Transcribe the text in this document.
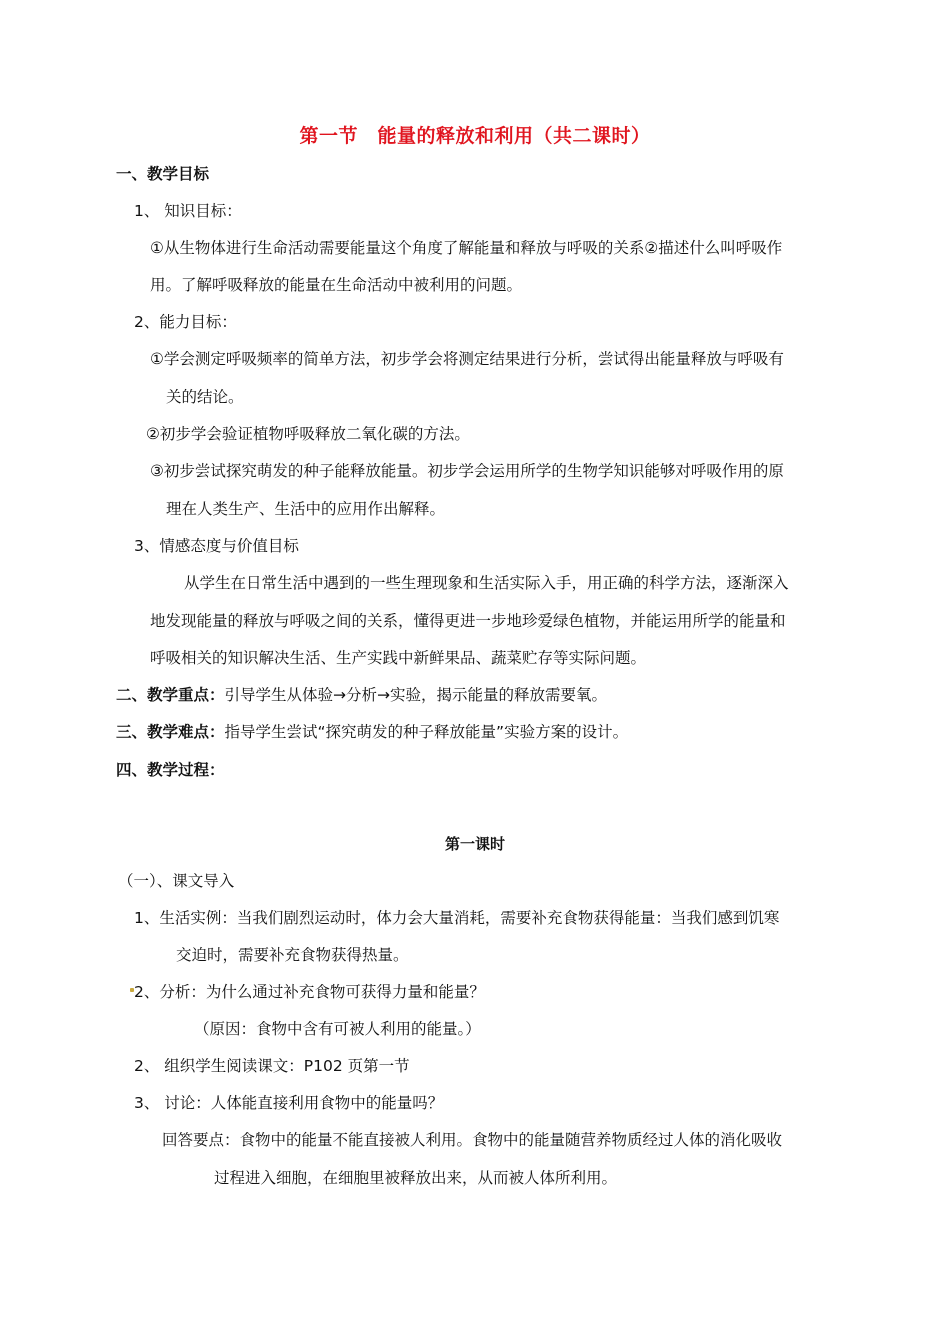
第一节　能量的释放和利用（共二课时）
一、教学目标
1、 知识目标：
①从生物体进行生命活动需要能量这个角度了解能量和释放与呼吸的关系②描述什么叫呼吸作
用。了解呼吸释放的能量在生命活动中被利用的问题。
2、能力目标：
①学会测定呼吸频率的简单方法，初步学会将测定结果进行分析，尝试得出能量释放与呼吸有
关的结论。
②初步学会验证植物呼吸释放二氧化碳的方法。
③初步尝试探究萌发的种子能释放能量。初步学会运用所学的生物学知识能够对呼吸作用的原
理在人类生产、生活中的应用作出解释。
3、情感态度与价值目标
从学生在日常生活中遇到的一些生理现象和生活实际入手，用正确的科学方法，逐渐深入
地发现能量的释放与呼吸之间的关系，懂得更进一步地珍爱绿色植物，并能运用所学的能量和
呼吸相关的知识解决生活、生产实践中新鲜果品、蔬菜贮存等实际问题。
二、教学重点：引导学生从体验→分析→实验，揭示能量的释放需要氧。
三、教学难点：指导学生尝试“探究萌发的种子释放能量”实验方案的设计。
四、教学过程：
第一课时
（一）、课文导入
1、生活实例：当我们剧烈运动时，体力会大量消耗，需要补充食物获得能量：当我们感到饥寒
交迫时，需要补充食物获得热量。
2、分析：为什么通过补充食物可获得力量和能量？
（原因：食物中含有可被人利用的能量。）
2、 组织学生阅读课文：P102 页第一节
3、 讨论：人体能直接利用食物中的能量吗？
回答要点：食物中的能量不能直接被人利用。食物中的能量随营养物质经过人体的消化吸收
过程进入细胞，在细胞里被释放出来，从而被人体所利用。
